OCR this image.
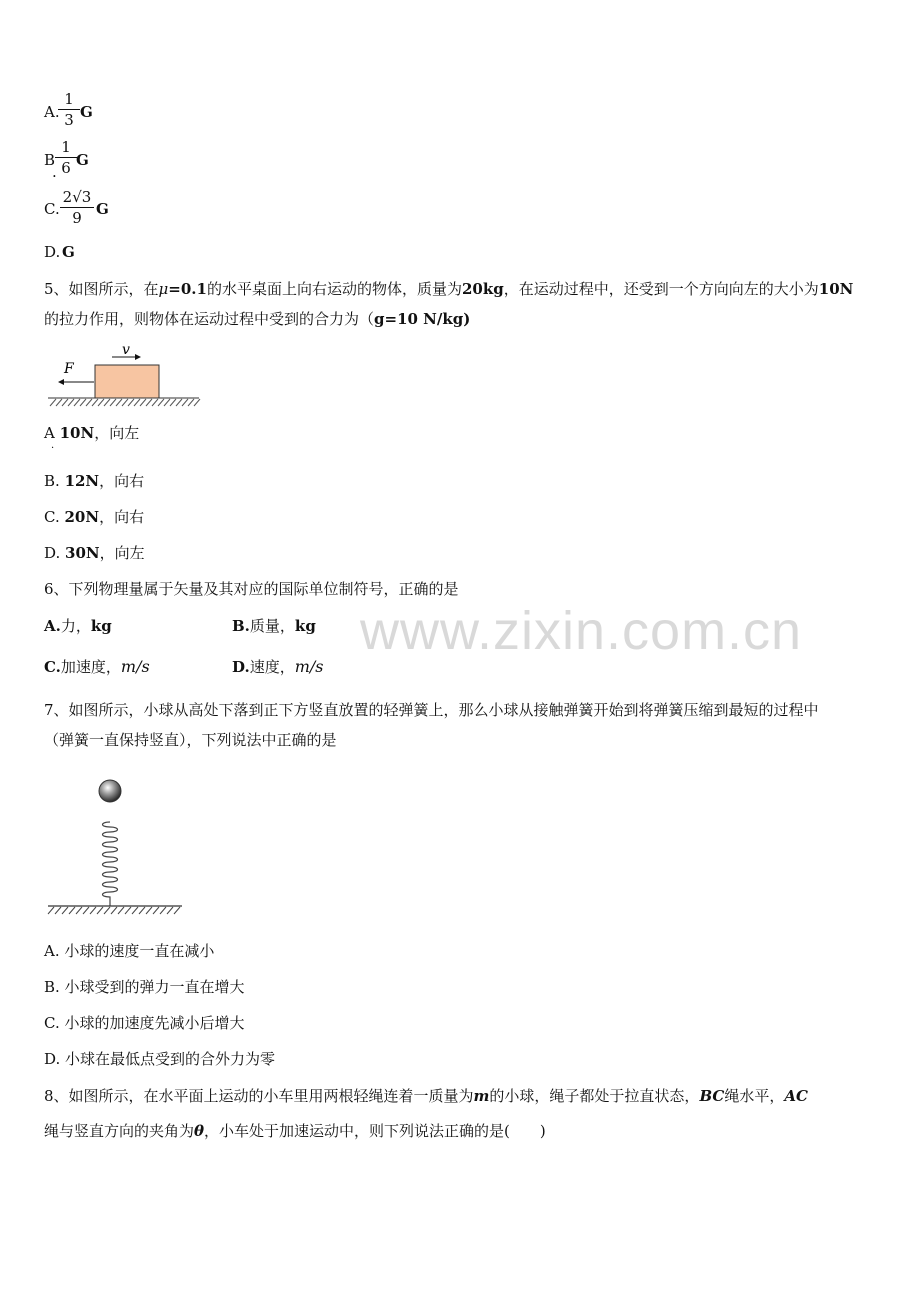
www.zixin.com.cn
A.
1
3 G
B
.
1
6 G
C.
2√3
9 G
D. G
5、如图所示，在μ=0.1的水平桌面上向右运动的物体，质量为20kg，在运动过程中，还受到一个方向向左的大小为10N
的拉力作用，则物体在运动过程中受到的合力为（g=10 N/kg)
v
F
A 10N，向左
·
B. 12N，向右
C. 20N，向右
D. 30N，向左
6、下列物理量属于矢量及其对应的国际单位制符号，正确的是
A.力，kg	B.质量，kg
C.加速度，m/s	D.速度，m/s
7、如图所示，小球从高处下落到正下方竖直放置的轻弹簧上，那么小球从接触弹簧开始到将弹簧压缩到最短的过程中
（弹簧一直保持竖直），下列说法中正确的是
A. 小球的速度一直在减小
B. 小球受到的弹力一直在增大
C. 小球的加速度先减小后增大
D. 小球在最低点受到的合外力为零
8、如图所示，在水平面上运动的小车里用两根轻绳连着一质量为m的小球，绳子都处于拉直状态，BC绳水平，AC
绳与竖直方向的夹角为θ，小车处于加速运动中，则下列说法正确的是(　　)
